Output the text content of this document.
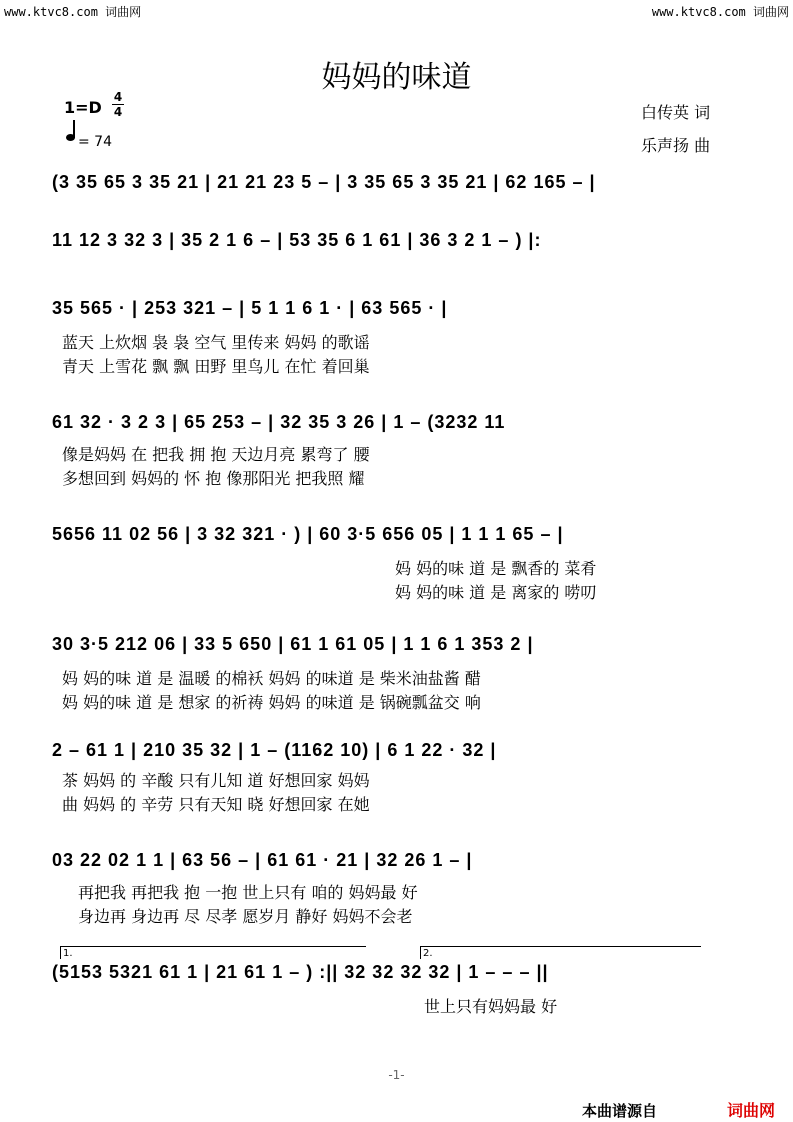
www.ktvc8.com 词曲网	www.ktvc8.com 词曲网
妈妈的味道
1=D
4
4
= 74
白传英 词
乐声扬 曲
(3 35 65 3 35 21 | 21 21 23 5 – | 3 35 65 3 35 21 | 62 165 – |
11 12 3 32 3 | 35 2 1 6 – | 53 35 6 1 61 | 36 3 2 1 – ) |:
35 565 · | 253 321 – | 5 1 1 6 1 · | 63 565 · |
蓝天 上炊烟 袅 袅 空气 里传来 妈妈 的歌谣
青天 上雪花 飘 飘 田野 里鸟儿 在忙 着回巢
61 32 · 3 2 3 | 65 253 – | 32 35 3 26 | 1 – (3232 11
像是妈妈 在 把我 拥 抱 天边月亮 累弯了 腰
多想回到 妈妈的 怀 抱 像那阳光 把我照 耀
5656 11 02 56 | 3 32 321 · ) | 60 3·5 656 05 | 1 1 1 65 – |
妈 妈的味 道 是 飘香的 菜肴
妈 妈的味 道 是 离家的 唠叨
30 3·5 212 06 | 33 5 650 | 61 1 61 05 | 1 1 6 1 353 2 |
妈 妈的味 道 是 温暖 的棉袄 妈妈 的味道 是 柴米油盐酱 醋
妈 妈的味 道 是 想家 的祈祷 妈妈 的味道 是 锅碗瓢盆交 响
2 – 61 1 | 210 35 32 | 1 – (1162 10) | 6 1 22 · 32 |
茶 妈妈 的 辛酸 只有儿知 道 好想回家 妈妈
曲 妈妈 的 辛劳 只有天知 晓 好想回家 在她
03 22 02 1 1 | 63 56 – | 61 61 · 21 | 32 26 1 – |
再把我 再把我 抱 一抱 世上只有 咱的 妈妈最 好
身边再 身边再 尽 尽孝 愿岁月 静好 妈妈不会老
1.	2.
(5153 5321 61 1 | 21 61 1 – ) :|| 32 32 32 32 | 1 – – – ||
世上只有妈妈最 好
-1-
本曲谱源自	词曲网
